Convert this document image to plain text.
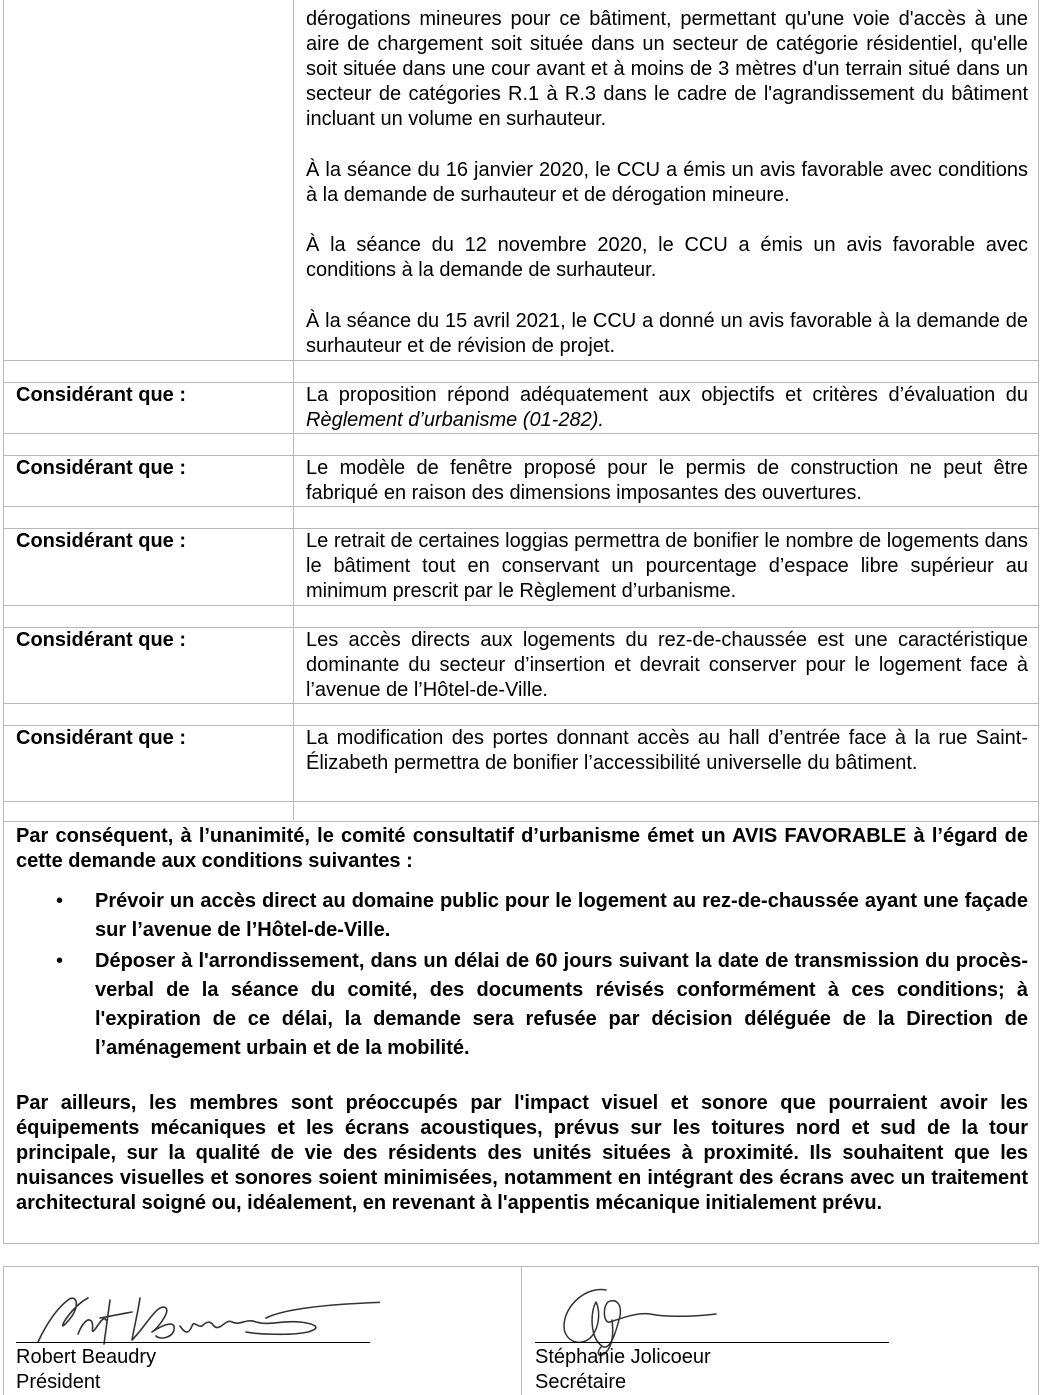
dérogations mineures pour ce bâtiment, permettant qu'une voie d'accès à une aire de chargement soit située dans un secteur de catégorie résidentiel, qu'elle soit située dans une cour avant et à moins de 3 mètres d'un terrain situé dans un secteur de catégories R.1 à R.3 dans le cadre de l'agrandissement du bâtiment incluant un volume en surhauteur.

À la séance du 16 janvier 2020, le CCU a émis un avis favorable avec conditions à la demande de surhauteur et de dérogation mineure.

À la séance du 12 novembre 2020, le CCU a émis un avis favorable avec conditions à la demande de surhauteur.

À la séance du 15 avril 2021, le CCU a donné un avis favorable à la demande de surhauteur et de révision de projet.

Considérant que :	La proposition répond adéquatement aux objectifs et critères d’évaluation du Règlement d’urbanisme (01-282).

Considérant que :	Le modèle de fenêtre proposé pour le permis de construction ne peut être fabriqué en raison des dimensions imposantes des ouvertures.

Considérant que :	Le retrait de certaines loggias permettra de bonifier le nombre de logements dans le bâtiment tout en conservant un pourcentage d’espace libre supérieur au minimum prescrit par le Règlement d’urbanisme.

Considérant que :	Les accès directs aux logements du rez-de-chaussée est une caractéristique dominante du secteur d’insertion et devrait conserver pour le logement face à l’avenue de l’Hôtel-de-Ville.

Considérant que :	La modification des portes donnant accès au hall d’entrée face à la rue Saint-Élizabeth permettra de bonifier l’accessibilité universelle du bâtiment.

Par conséquent, à l’unanimité, le comité consultatif d’urbanisme émet un AVIS FAVORABLE à l’égard de cette demande aux conditions suivantes :

• Prévoir un accès direct au domaine public pour le logement au rez-de-chaussée ayant une façade sur l’avenue de l’Hôtel-de-Ville.
• Déposer à l'arrondissement, dans un délai de 60 jours suivant la date de transmission du procès-verbal de la séance du comité, des documents révisés conformément à ces conditions; à l'expiration de ce délai, la demande sera refusée par décision déléguée de la Direction de l’aménagement urbain et de la mobilité.

Par ailleurs, les membres sont préoccupés par l'impact visuel et sonore que pourraient avoir les équipements mécaniques et les écrans acoustiques, prévus sur les toitures nord et sud de la tour principale, sur la qualité de vie des résidents des unités situées à proximité. Ils souhaitent que les nuisances visuelles et sonores soient minimisées, notamment en intégrant des écrans avec un traitement architectural soigné ou, idéalement, en revenant à l'appentis mécanique initialement prévu.

Robert Beaudry
Président
Stéphanie Jolicoeur
Secrétaire
